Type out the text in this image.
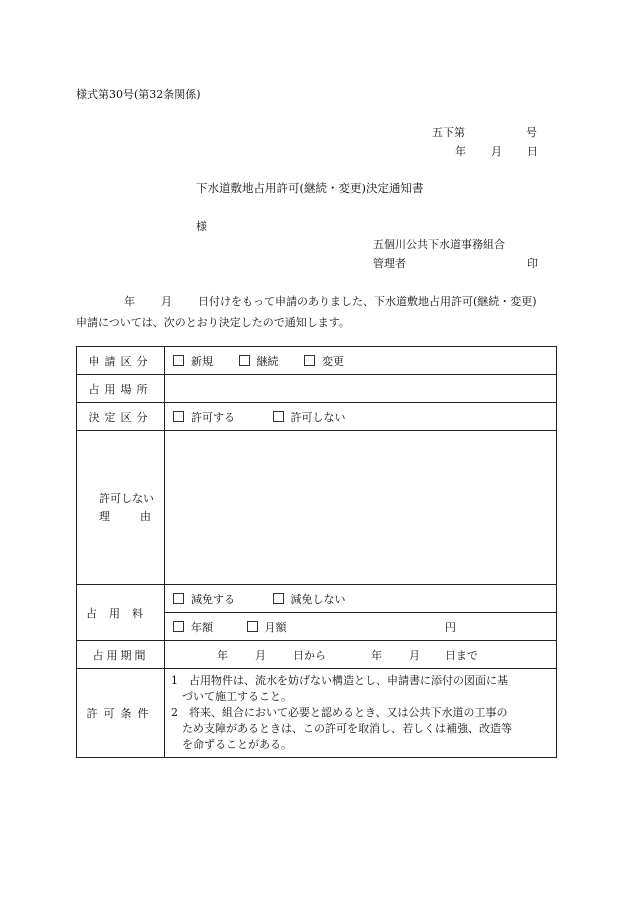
様式第30号(第32条関係)
五下第	号
年 月 日
下水道敷地占用許可(継続・変更)決定通知書
様
五個川公共下水道事務組合
管理者	印
年 月 日付けをもって申請のありました、下水道敷地占用許可(継続・変更)
申請については、次のとおり決定したので通知します。
申請区分	新規 継続 変更
占用場所	
決定区分	許可する 許可しない
許可しない
理 由	
占用料	減免する 減免しない
	年額 月額 円

占用期間	年 月 日から 年 月 日まで
許可条件	1　占用物件は、流水を妨げない構造とし、申請書に添付の図面に基
づいて施工すること。
2　将来、組合において必要と認めるとき、又は公共下水道の工事の
ため支障があるときは、この許可を取消し、若しくは補強、改造等
を命ずることがある。
